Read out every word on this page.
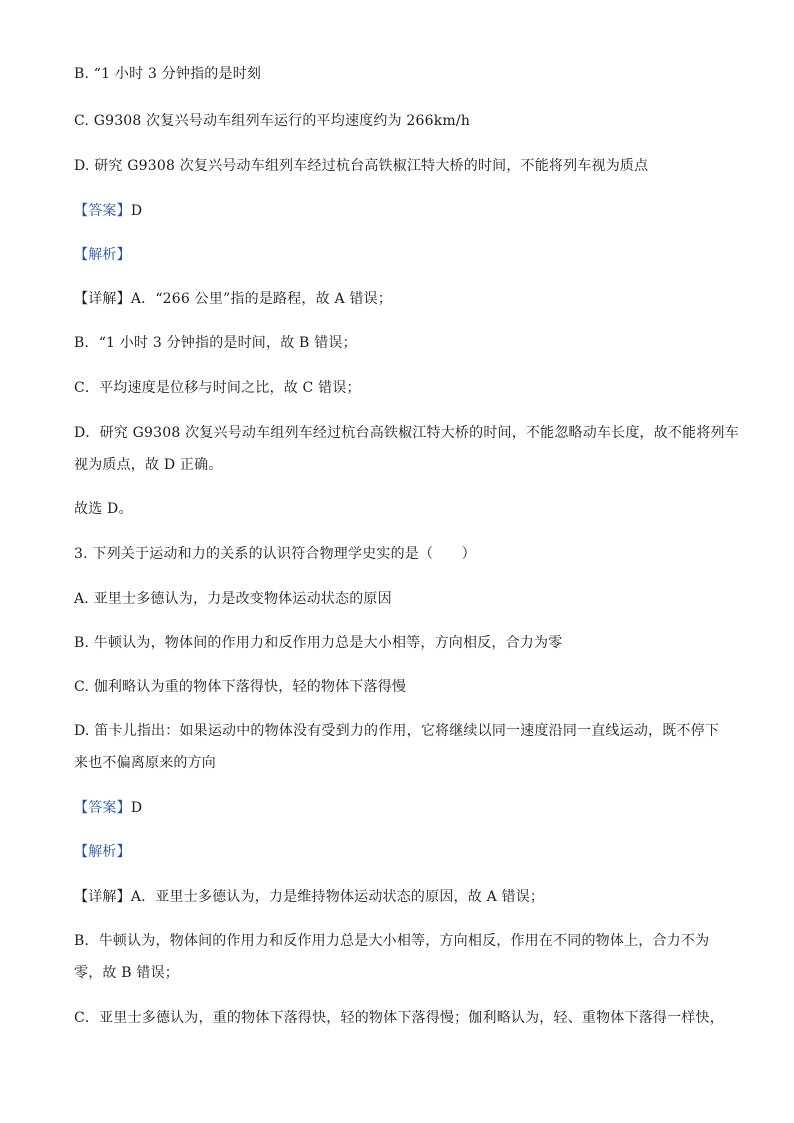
B. “1 小时 3 分钟指的是时刻
C. G9308 次复兴号动车组列车运行的平均速度约为 266km/h
D. 研究 G9308 次复兴号动车组列车经过杭台高铁椒江特大桥的时间，不能将列车视为质点
【答案】D
【解析】
【详解】A．“266 公里”指的是路程，故 A 错误；
B．“1 小时 3 分钟指的是时间，故 B 错误；
C．平均速度是位移与时间之比，故 C 错误；
D．研究 G9308 次复兴号动车组列车经过杭台高铁椒江特大桥的时间，不能忽略动车长度，故不能将列车
视为质点，故 D 正确。
故选 D。
3. 下列关于运动和力的关系的认识符合物理学史实的是（　　）
A. 亚里士多德认为，力是改变物体运动状态的原因
B. 牛顿认为，物体间的作用力和反作用力总是大小相等，方向相反，合力为零
C. 伽利略认为重的物体下落得快，轻的物体下落得慢
D. 笛卡儿指出：如果运动中的物体没有受到力的作用，它将继续以同一速度沿同一直线运动，既不停下
来也不偏离原来的方向
【答案】D
【解析】
【详解】A．亚里士多德认为，力是维持物体运动状态的原因，故 A 错误；
B．牛顿认为，物体间的作用力和反作用力总是大小相等，方向相反，作用在不同的物体上，合力不为
零，故 B 错误；
C．亚里士多德认为，重的物体下落得快，轻的物体下落得慢；伽利略认为，轻、重物体下落得一样快，
